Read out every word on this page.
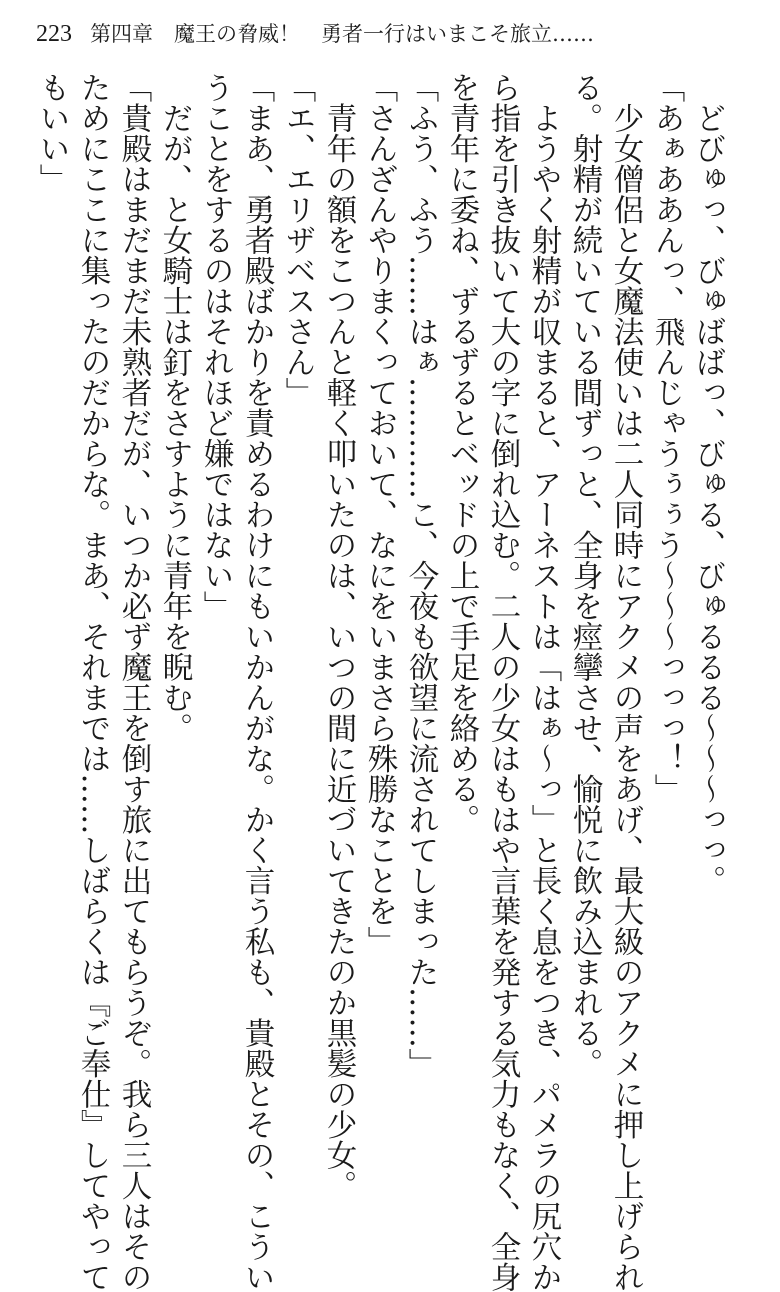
223 第四章　魔王の脅威！　勇者一行はいまこそ旅立……
　どびゅっ、びゅばばっ、びゅる、びゅるるる～～～っっ。
「あぁああんっ、飛んじゃうぅぅう～～～っっっ！」
　少女僧侶と女魔法使いは二人同時にアクメの声をあげ、最大級のアクメに押し上げられ
る。射精が続いている間ずっと、全身を痙攣させ、愉悦に飲み込まれる。
　ようやく射精が収まると、アーネストは「はぁ～っ」と長く息をつき、パメラの尻穴か
ら指を引き抜いて大の字に倒れ込む。二人の少女はもはや言葉を発する気力もなく、全身
を青年に委ね、ずるずるとベッドの上で手足を絡める。
「ふう、ふう……はぁ…………こ、今夜も欲望に流されてしまった……」
「さんざんやりまくっておいて、なにをいまさら殊勝なことを」
　青年の額をこつんと軽く叩いたのは、いつの間に近づいてきたのか黒髪の少女。
「エ、エリザベスさん」
「まあ、勇者殿ばかりを責めるわけにもいかんがな。かく言う私も、貴殿とその、こうい
うことをするのはそれほど嫌ではない」
　だが、と女騎士は釘をさすように青年を睨む。
「貴殿はまだまだ未熟者だが、いつか必ず魔王を倒す旅に出てもらうぞ。我ら三人はその
ためにここに集ったのだからな。まあ、それまでは……しばらくは『ご奉仕』してやって
もいい」
